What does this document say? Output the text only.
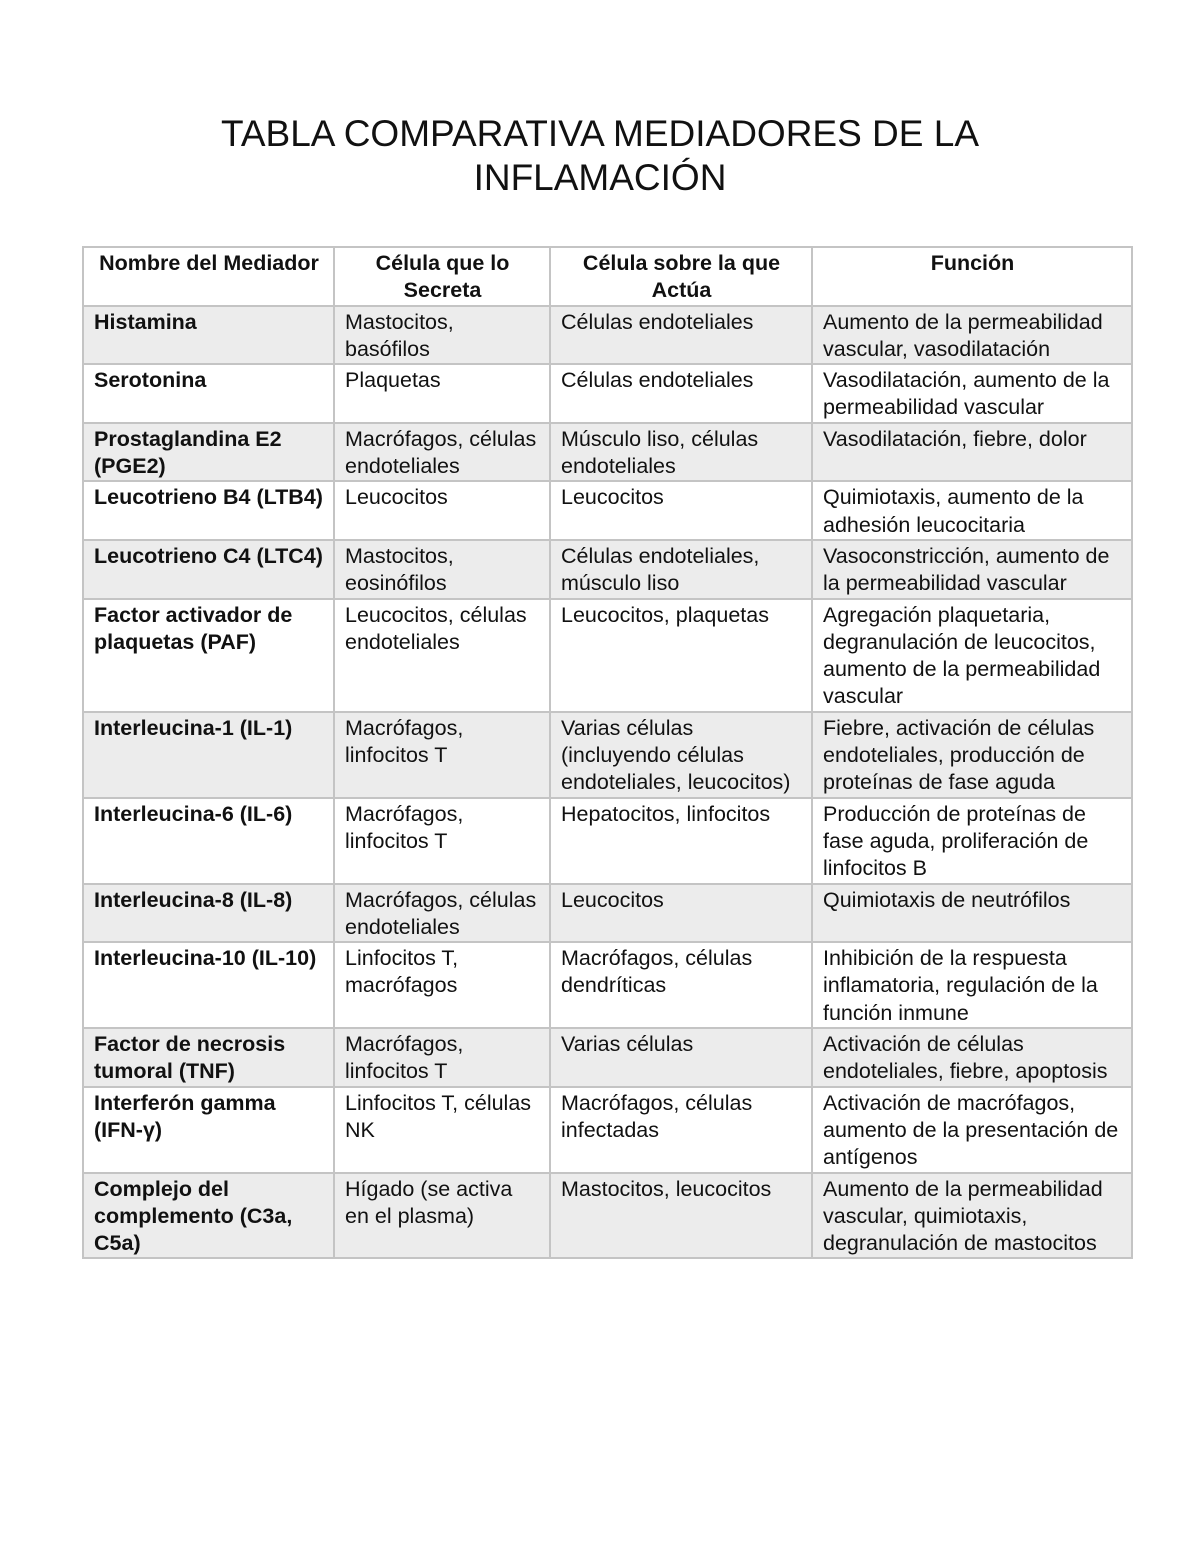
TABLA COMPARATIVA MEDIADORES DE LA
INFLAMACIÓN
Nombre del Mediador	Célula que lo Secreta	Célula sobre la que Actúa	Función
Histamina	Mastocitos, basófilos	Células endoteliales	Aumento de la permeabilidad vascular, vasodilatación
Serotonina	Plaquetas	Células endoteliales	Vasodilatación, aumento de la permeabilidad vascular
Prostaglandina E2 (PGE2)	Macrófagos, células endoteliales	Músculo liso, células endoteliales	Vasodilatación, fiebre, dolor
Leucotrieno B4 (LTB4)	Leucocitos	Leucocitos	Quimiotaxis, aumento de la adhesión leucocitaria
Leucotrieno C4 (LTC4)	Mastocitos, eosinófilos	Células endoteliales, músculo liso	Vasoconstricción, aumento de la permeabilidad vascular
Factor activador de plaquetas (PAF)	Leucocitos, células endoteliales	Leucocitos, plaquetas	Agregación plaquetaria, degranulación de leucocitos, aumento de la permeabilidad vascular
Interleucina-1 (IL-1)	Macrófagos, linfocitos T	Varias células (incluyendo células endoteliales, leucocitos)	Fiebre, activación de células endoteliales, producción de proteínas de fase aguda
Interleucina-6 (IL-6)	Macrófagos, linfocitos T	Hepatocitos, linfocitos	Producción de proteínas de fase aguda, proliferación de linfocitos B
Interleucina-8 (IL-8)	Macrófagos, células endoteliales	Leucocitos	Quimiotaxis de neutrófilos
Interleucina-10 (IL-10)	Linfocitos T, macrófagos	Macrófagos, células dendríticas	Inhibición de la respuesta inflamatoria, regulación de la función inmune
Factor de necrosis tumoral (TNF)	Macrófagos, linfocitos T	Varias células	Activación de células endoteliales, fiebre, apoptosis
Interferón gamma (IFN-γ)	Linfocitos T, células NK	Macrófagos, células infectadas	Activación de macrófagos, aumento de la presentación de antígenos
Complejo del complemento (C3a, C5a)	Hígado (se activa en el plasma)	Mastocitos, leucocitos	Aumento de la permeabilidad vascular, quimiotaxis, degranulación de mastocitos
